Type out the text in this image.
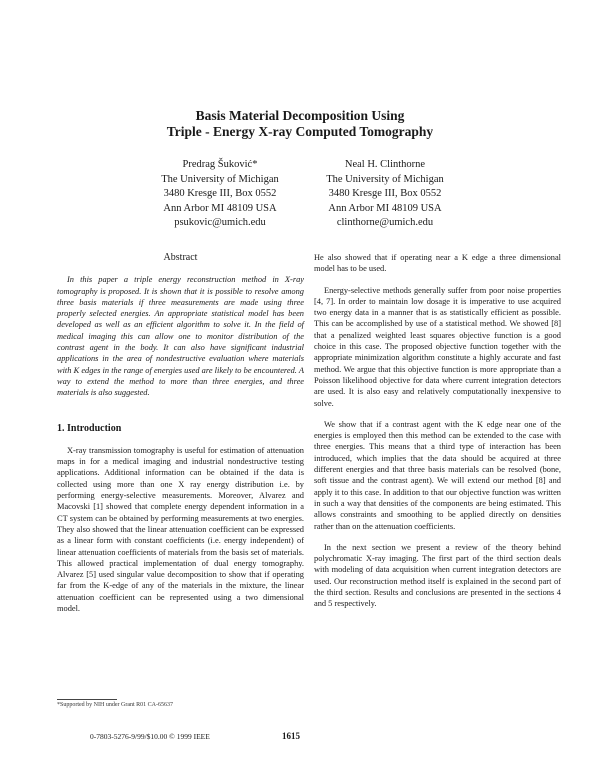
Basis Material Decomposition Using
Triple - Energy X-ray Computed Tomography
Predrag Šuković*
The University of Michigan
3480 Kresge III, Box 0552
Ann Arbor MI 48109 USA
psukovic@umich.edu
Neal H. Clinthorne
The University of Michigan
3480 Kresge III, Box 0552
Ann Arbor MI 48109 USA
clinthorne@umich.edu
Abstract

In this paper a triple energy reconstruction method in X-ray tomography is proposed. It is shown that it is possible to resolve among three basis materials if three measurements are made using three properly selected energies. An appropriate statistical model has been developed as well as an efficient algorithm to solve it. In the field of medical imaging this can allow one to monitor distribution of the contrast agent in the body. It can also have significant industrial applications in the area of nondestructive evaluation where materials with K edges in the range of energies used are likely to be encountered. A way to extend the method to more than three energies, and three materials is also suggested.

1. Introduction

X-ray transmission tomography is useful for estimation of attenuation maps in for a medical imaging and industrial nondestructive testing applications. Additional information can be obtained if the data is collected using more than one X ray energy distribution i.e. by performing energy-selective measurements. Moreover, Alvarez and Macovski [1] showed that complete energy dependent information in a CT system can be obtained by performing measurements at two energies. They also showed that the linear attenuation coefficient can be expressed as a linear form with constant coefficients (i.e. energy independent) of linear attenuation coefficients of materials from the basis set of materials. This allowed practical implementation of dual energy tomography. Alvarez [5] used singular value decomposition to show that if operating far from the K-edge of any of the materials in the mixture, the linear attenuation coefficient can be represented using a two dimensional model.

He also showed that if operating near a K edge a three dimensional model has to be used.

Energy-selective methods generally suffer from poor noise properties [4, 7]. In order to maintain low dosage it is imperative to use acquired two energy data in a manner that is as statistically efficient as possible. This can be accomplished by use of a statistical method. We showed [8] that a penalized weighted least squares objective function is a good choice in this case. The proposed objective function together with the appropriate minimization algorithm constitute a highly accurate and fast method. We argue that this objective function is more appropriate than a Poisson likelihood objective for data where current integration detectors are used. It is also easy and relatively computationally inexpensive to solve.

We show that if a contrast agent with the K edge near one of the energies is employed then this method can be extended to the case with three energies. This means that a third type of interaction has been introduced, which implies that the data should be acquired at three different energies and that three basis materials can be resolved (bone, soft tissue and the contrast agent). We will extend our method [8] and apply it to this case. In addition to that our objective function was written in such a way that densities of the components are being estimated. This allows constraints and smoothing to be applied directly on densities rather than on the attenuation coefficients.

In the next section we present a review of the theory behind polychromatic X-ray imaging. The first part of the third section deals with modeling of data acquisition when current integration detectors are used. Our reconstruction method itself is explained in the second part of the third section. Results and conclusions are presented in the sections 4 and 5 respectively.

*Supported by NIH under Grant R01 CA-65637
0-7803-5276-9/99/$10.00 © 1999 IEEE	1615
